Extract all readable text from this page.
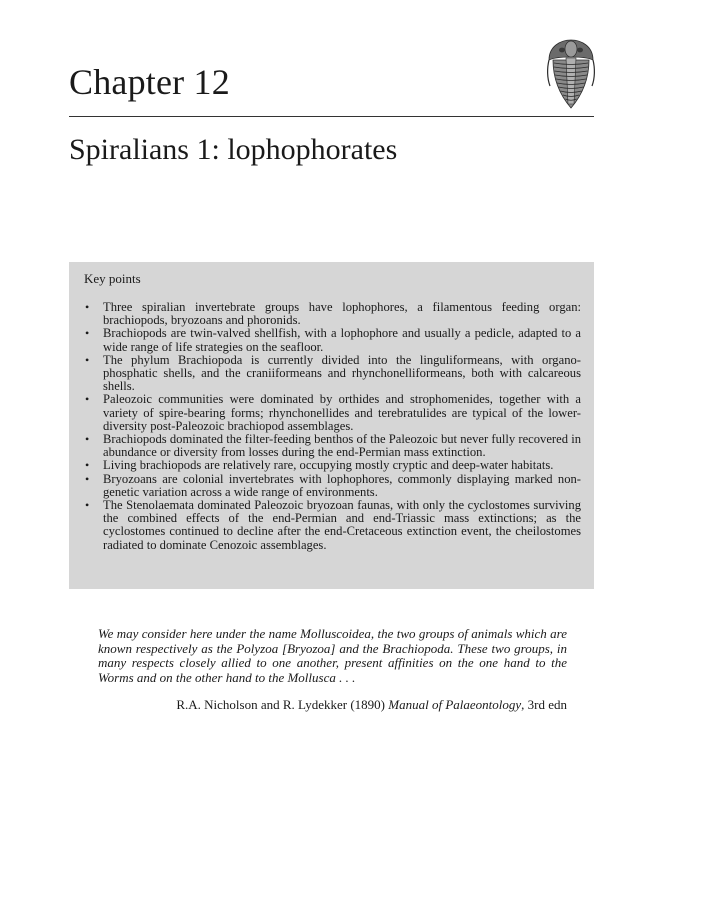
Chapter 12
Spiralians 1: lophophorates
Key points
• Three spiralian invertebrate groups have lophophores, a filamentous feeding organ: brachiopods, bryozoans and phoronids.
• Brachiopods are twin-valved shellfish, with a lophophore and usually a pedicle, adapted to a wide range of life strategies on the seafloor.
• The phylum Brachiopoda is currently divided into the linguliformeans, with organo-phosphatic shells, and the craniiformeans and rhynchonelliformeans, both with calcareous shells.
• Paleozoic communities were dominated by orthides and strophomenides, together with a variety of spire-bearing forms; rhynchonellides and terebratulides are typical of the lower-diversity post-Paleozoic brachiopod assemblages.
• Brachiopods dominated the filter-feeding benthos of the Paleozoic but never fully recovered in abundance or diversity from losses during the end-Permian mass extinction.
• Living brachiopods are relatively rare, occupying mostly cryptic and deep-water habitats.
• Bryozoans are colonial invertebrates with lophophores, commonly displaying marked non-genetic variation across a wide range of environments.
• The Stenolaemata dominated Paleozoic bryozoan faunas, with only the cyclostomes surviving the combined effects of the end-Permian and end-Triassic mass extinctions; as the cyclostomes continued to decline after the end-Cretaceous extinction event, the cheilostomes radiated to dominate Cenozoic assemblages.

We may consider here under the name Molluscoidea, the two groups of animals which are known respectively as the Polyzoa [Bryozoa] and the Brachiopoda. These two groups, in many respects closely allied to one another, present affinities on the one hand to the Worms and on the other hand to the Mollusca . . .

R.A. Nicholson and R. Lydekker (1890) Manual of Palaeontology, 3rd edn
